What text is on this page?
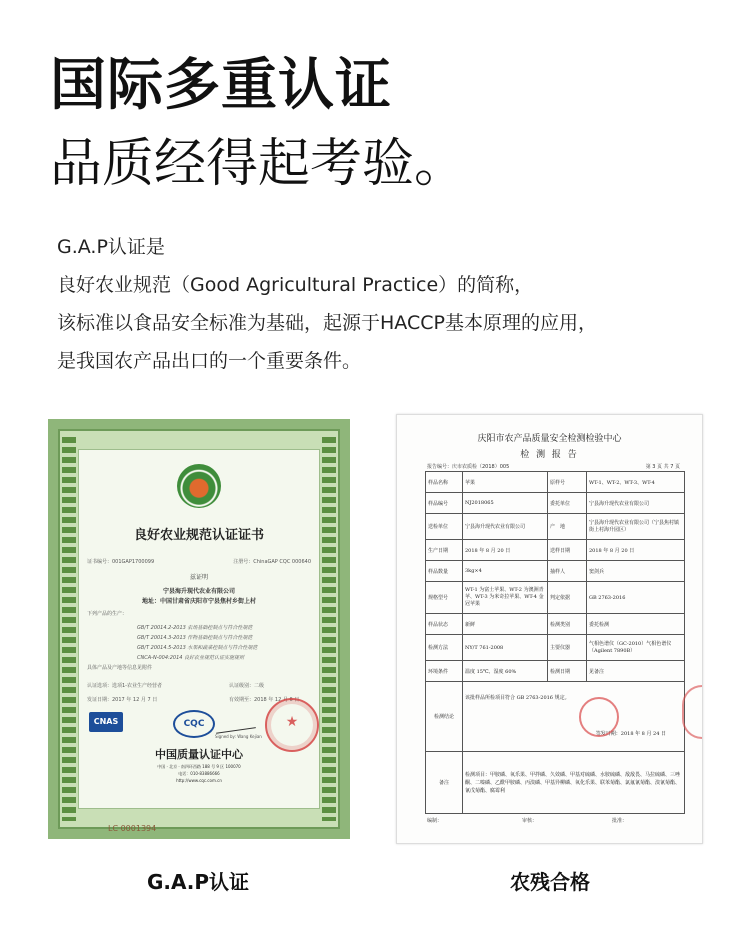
国际多重认证
品质经得起考验。

G.A.P认证是

良好农业规范（Good Agricultural Practice）的简称，

该标准以食品安全标准为基础，起源于HACCP基本原理的应用，

是我国农产品出口的一个重要条件。

良好农业规范认证证书
证书编号：001GAP1700099	注册号：ChinaGAP CQC 000640
兹证明
宁县海升现代农业有限公司
地址：中国甘肃省庆阳市宁县焦村乡街上村
下列产品的生产：
GB/T 20014.2-2013 农场基础控制点与符合性规范
GB/T 20014.3-2013 作物基础控制点与符合性规范
GB/T 20014.5-2013 水果和蔬菜控制点与符合性规范
CNCA-N-004:2014 良好农业规范认证实施规则
具体产品及产地等信息见附件
认证选项：选项1-农业生产经营者	认证级别：二级
发证日期：2017 年 12 月 7 日	有效期至：2018 年 12 月 6 日
CNAS	CQC
Signed by: Wang Kejian
★
中国质量认证中心
中国 · 北京 · 南四环西路 188 号 9 区 100070
电话：010-83886666
http://www.cqc.com.cn
LC 0001394
庆阳市农产品质量安全检测检验中心
检 测 报 告
报告编号：庆市农质检（2018）005	第 3 页 共 7 页
样品名称	苹果	原样号	WT-1、WT-2、WT-3、WT-4
样品编号	NJ2018065	委托单位	宁县海升现代农业有限公司
送检单位	宁县海升现代农业有限公司	产　地	宁县海升现代农业有限公司（宁县焦村镇街上村海升园区）
生产日期	2018 年 8 月 20 日	送样日期	2018 年 8 月 20 日
样品数量	3kg×4	抽样人	窦剑兵
规格型号	WT-1 为富士苹果、WT-2 为澳洲青苹、WT-3 为米奇拉苹果、WT-4 金冠苹果	判定依据	GB 2763-2016
样品状态	新鲜	检测类别	委托检测
检测方法	NY/T 761-2008	主要仪器	气相色谱仪（GC-2010）气相色谱仪（Agilent 7890B）
环境条件	温度 15℃、湿度 60%	检测日期	见备注
检测结论	该批样品所检项目符合 GB 2763-2016 规定。
签发日期：2018 年 8 月 24 日		

备注	检测项目：甲胺磷、氧乐果、甲拌磷、久效磷、甲基对硫磷、水胺硫磷、敌敌畏、马拉硫磷、三唑酮、二嗪磷、乙酰甲胺磷、丙溴磷、甲基异柳磷、氧化乐果、联苯菊酯、氯氟氰菊酯、溴氰菊酯、氰戊菊酯、腐霉利		
编制：	审核：	批准：
G.A.P认证	农残合格
